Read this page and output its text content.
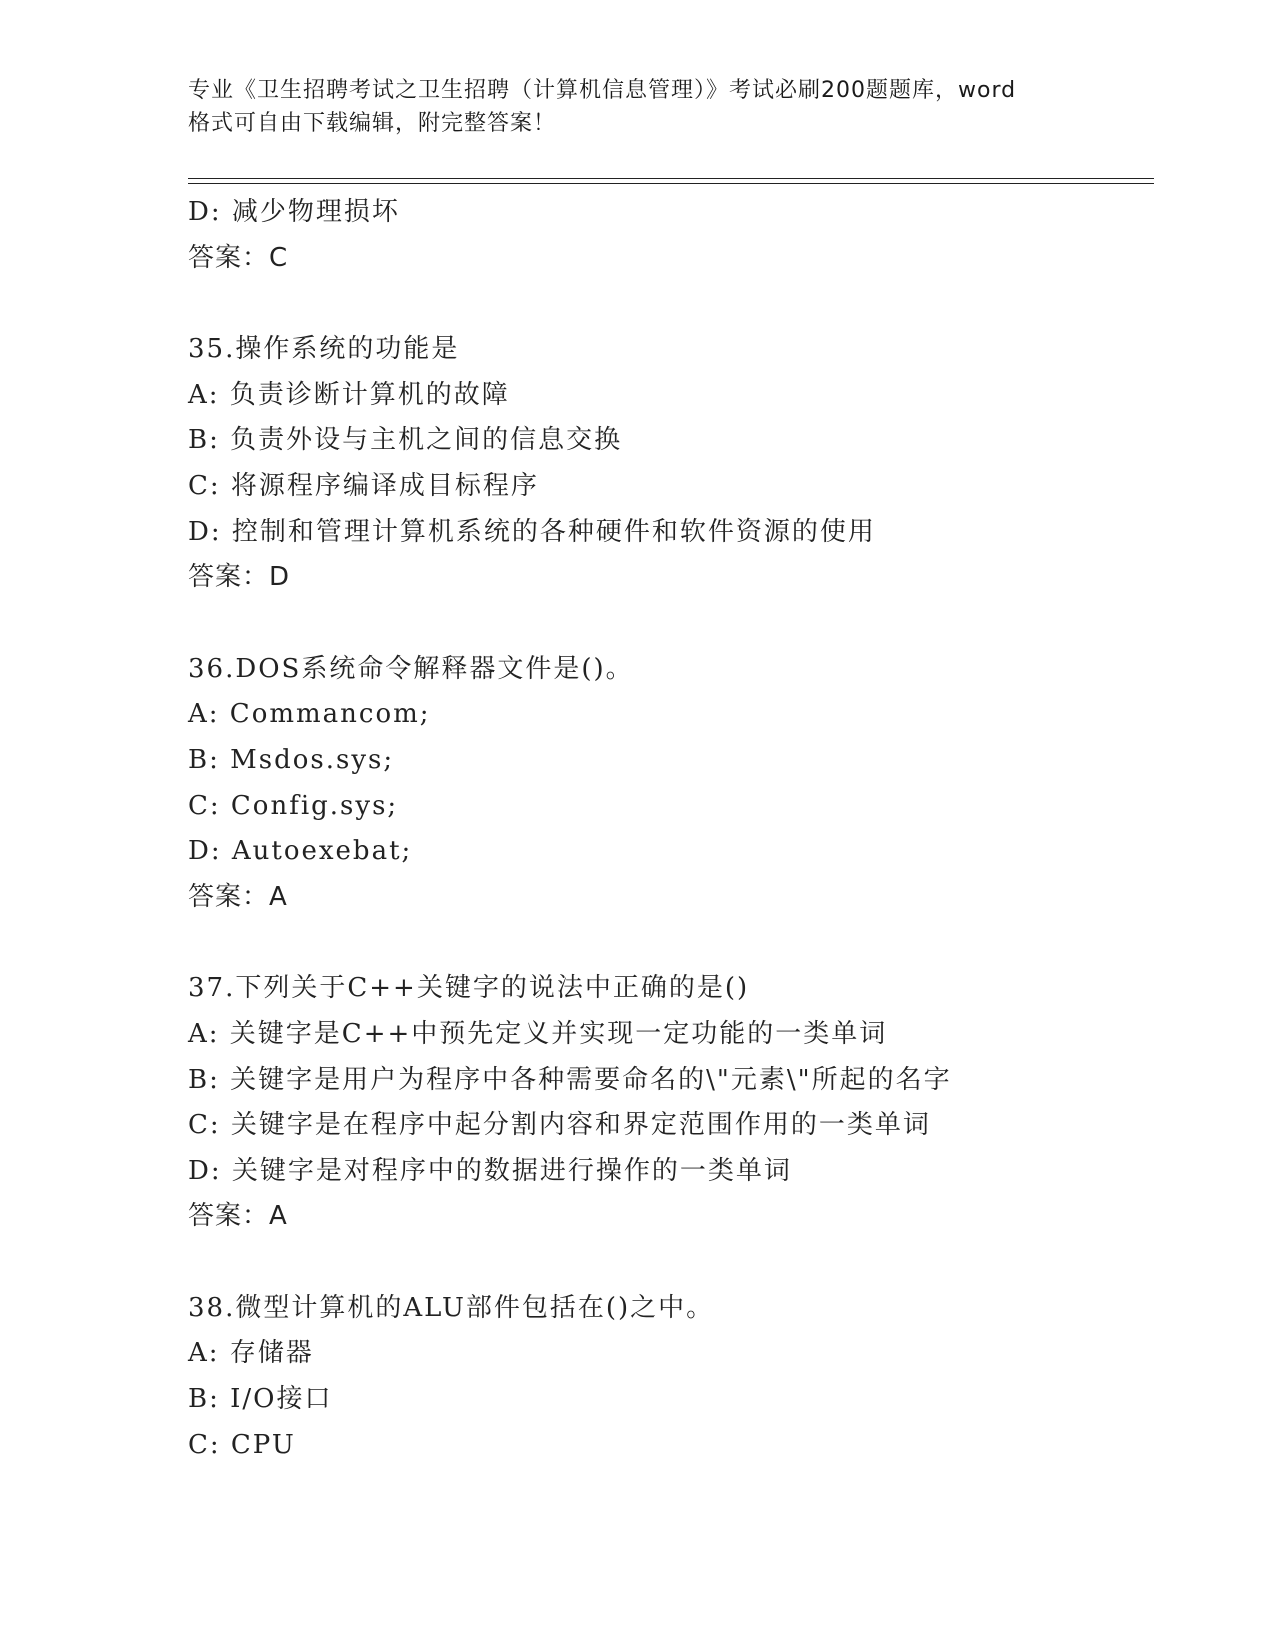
专业《卫生招聘考试之卫生招聘（计算机信息管理）》考试必刷200题题库，word
格式可自由下载编辑，附完整答案！
D: 减少物理损坏
答案：C
35.操作系统的功能是
A: 负责诊断计算机的故障
B: 负责外设与主机之间的信息交换
C: 将源程序编译成目标程序
D: 控制和管理计算机系统的各种硬件和软件资源的使用
答案：D
36.DOS系统命令解释器文件是()。
A: Commancom;
B: Msdos.sys;
C: Config.sys;
D: Autoexebat;
答案：A
37.下列关于C++关键字的说法中正确的是()
A: 关键字是C++中预先定义并实现一定功能的一类单词
B: 关键字是用户为程序中各种需要命名的\"元素\"所起的名字
C: 关键字是在程序中起分割内容和界定范围作用的一类单词
D: 关键字是对程序中的数据进行操作的一类单词
答案：A
38.微型计算机的ALU部件包括在()之中。
A: 存储器
B: I/O接口
C: CPU
